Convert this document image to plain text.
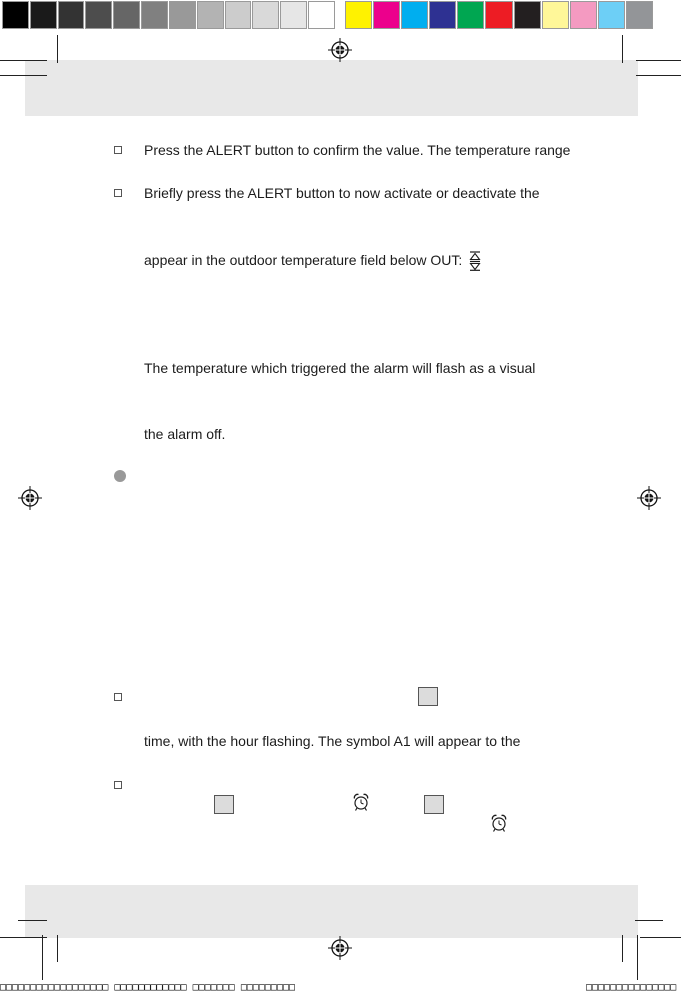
Press the ALERT button to confirm the value. The temperature range
Briefly press the ALERT button to now activate or deactivate the
appear in the outdoor temperature field below OUT:
The temperature which triggered the alarm will flash as a visual
the alarm off.
time, with the hour flashing. The symbol A1 will appear to the
□□□□□□□□□□□□□□□□□□ □□□□□□□□□□□□ □□□□□□□ □□□□□□□□□	□□□□□□□□□□□□□□□
